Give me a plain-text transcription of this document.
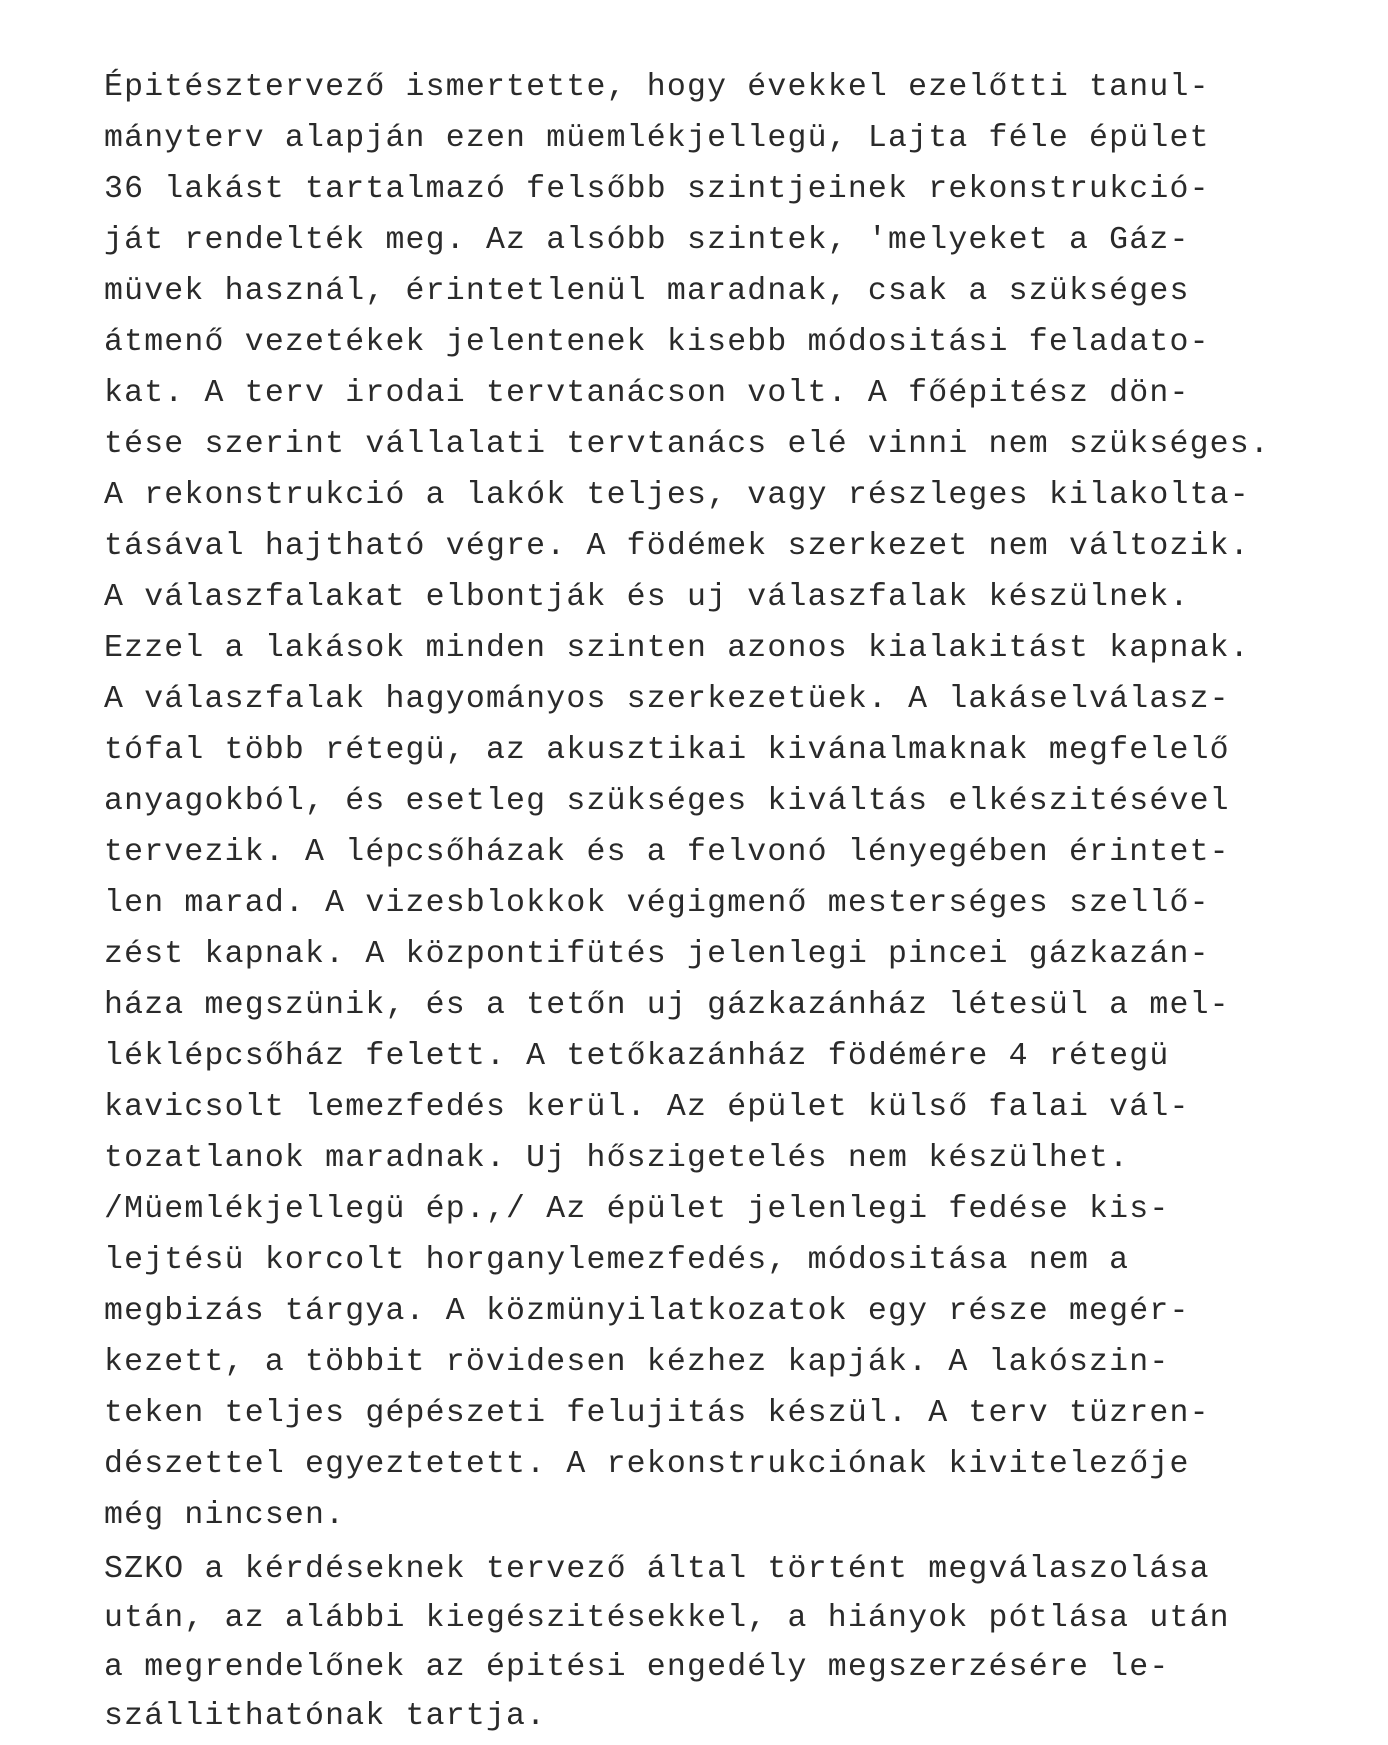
Épitésztervező ismertette, hogy évekkel ezelőtti tanul-
mányterv alapján ezen müemlékjellegü, Lajta féle épület
36 lakást tartalmazó felsőbb szintjeinek rekonstrukció-
ját rendelték meg. Az alsóbb szintek, 'melyeket a Gáz-
müvek használ, érintetlenül maradnak, csak a szükséges
átmenő vezetékek jelentenek kisebb módositási feladato-
kat. A terv irodai tervtanácson volt. A főépitész dön-
tése szerint vállalati tervtanács elé vinni nem szükséges.
A rekonstrukció a lakók teljes, vagy részleges kilakolta-
tásával hajtható végre. A födémek szerkezet nem változik.
A válaszfalakat elbontják és uj válaszfalak készülnek.
Ezzel a lakások minden szinten azonos kialakitást kapnak.
A válaszfalak hagyományos szerkezetüek. A lakáselválasz-
tófal több rétegü, az akusztikai kivánalmaknak megfelelő
anyagokból, és esetleg szükséges kiváltás elkészitésével
tervezik. A lépcsőházak és a felvonó lényegében érintet-
len marad. A vizesblokkok végigmenő mesterséges szellő-
zést kapnak. A központifütés jelenlegi pincei gázkazán-
háza megszünik, és a tetőn uj gázkazánház létesül a mel-
léklépcsőház felett. A tetőkazánház födémére 4 rétegü
kavicsolt lemezfedés kerül. Az épület külső falai vál-
tozatlanok maradnak. Uj hőszigetelés nem készülhet.
/Müemlékjellegü ép.,/ Az épület jelenlegi fedése kis-
lejtésü korcolt horganylemezfedés, módositása nem a
megbizás tárgya. A közmünyilatkozatok egy része megér-
kezett, a többit rövidesen kézhez kapják. A lakószin-
teken teljes gépészeti felujitás készül. A terv tüzren-
dészettel egyeztetett. A rekonstrukciónak kivitelezője
még nincsen.
SZKO a kérdéseknek tervező által történt megválaszolása
után, az alábbi kiegészitésekkel, a hiányok pótlása után
a megrendelőnek az épitési engedély megszerzésére le-
szállithatónak tartja.
